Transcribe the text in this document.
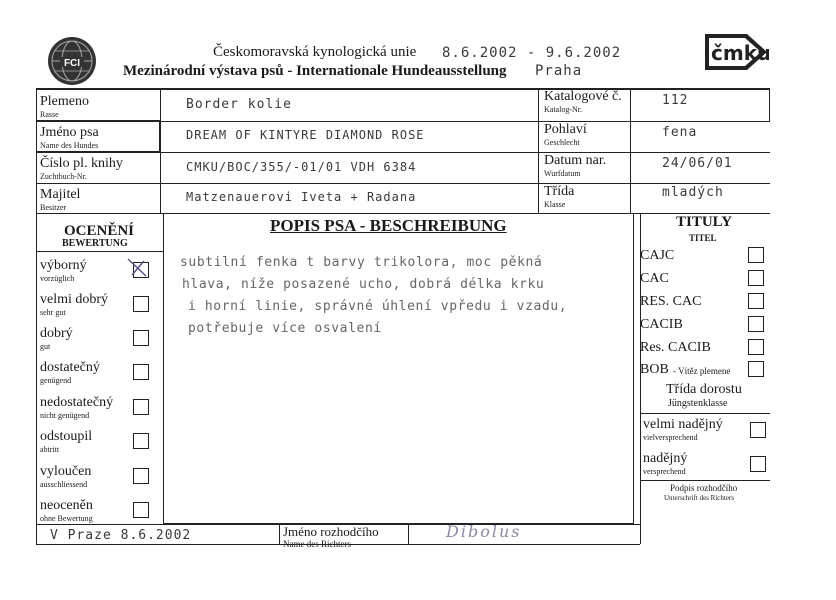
FCI
Českomoravská kynologická unie
Mezinárodní výstava psů - Internationale Hundeausstellung
8.6.2002 - 9.6.2002
Praha
čmku
Plemeno
Rasse
Border kolie
Jméno psa
Name des Hundes
DREAM OF KINTYRE DIAMOND ROSE
Číslo pl. knihy
Zuchtbuch-Nr.
CMKU/BOC/355/-01/01 VDH 6384
Majitel
Besitzer
Matzenauerovi Iveta + Radana
Katalogové č.
Katalog-Nr.
112
Pohlaví
Geschlecht
fena
Datum nar.
Wurfdatum
24/06/01
Třída
Klasse
mladých
OCENĚNÍ
BEWERTUNG
výborný
vorzüglich
velmi dobrý
sehr gut
dobrý
gut
dostatečný
genügend
nedostatečný
nicht genügend
odstoupil
abtritt
vyloučen
ausschliessend
neoceněn
ohne Bewertung
POPIS PSA - BESCHREIBUNG
subtilní fenka t barvy trikolora, moc pěkná
hlava, níže posazené ucho, dobrá délka krku
i horní linie, správné úhlení vpředu i vzadu,
potřebuje více osvalení
TITULY
TITEL
CAJC
CAC
RES. CAC
CACIB
Res. CACIB
BOB - Vítěz plemene
Třída dorostu
Jüngstenklasse
velmi nadějný
vielversprechend
nadějný
versprechend
Podpis rozhodčího
Unterschrift des Richters
V Praze 8.6.2002	Jméno rozhodčího
Name des Richters
Dibolus
